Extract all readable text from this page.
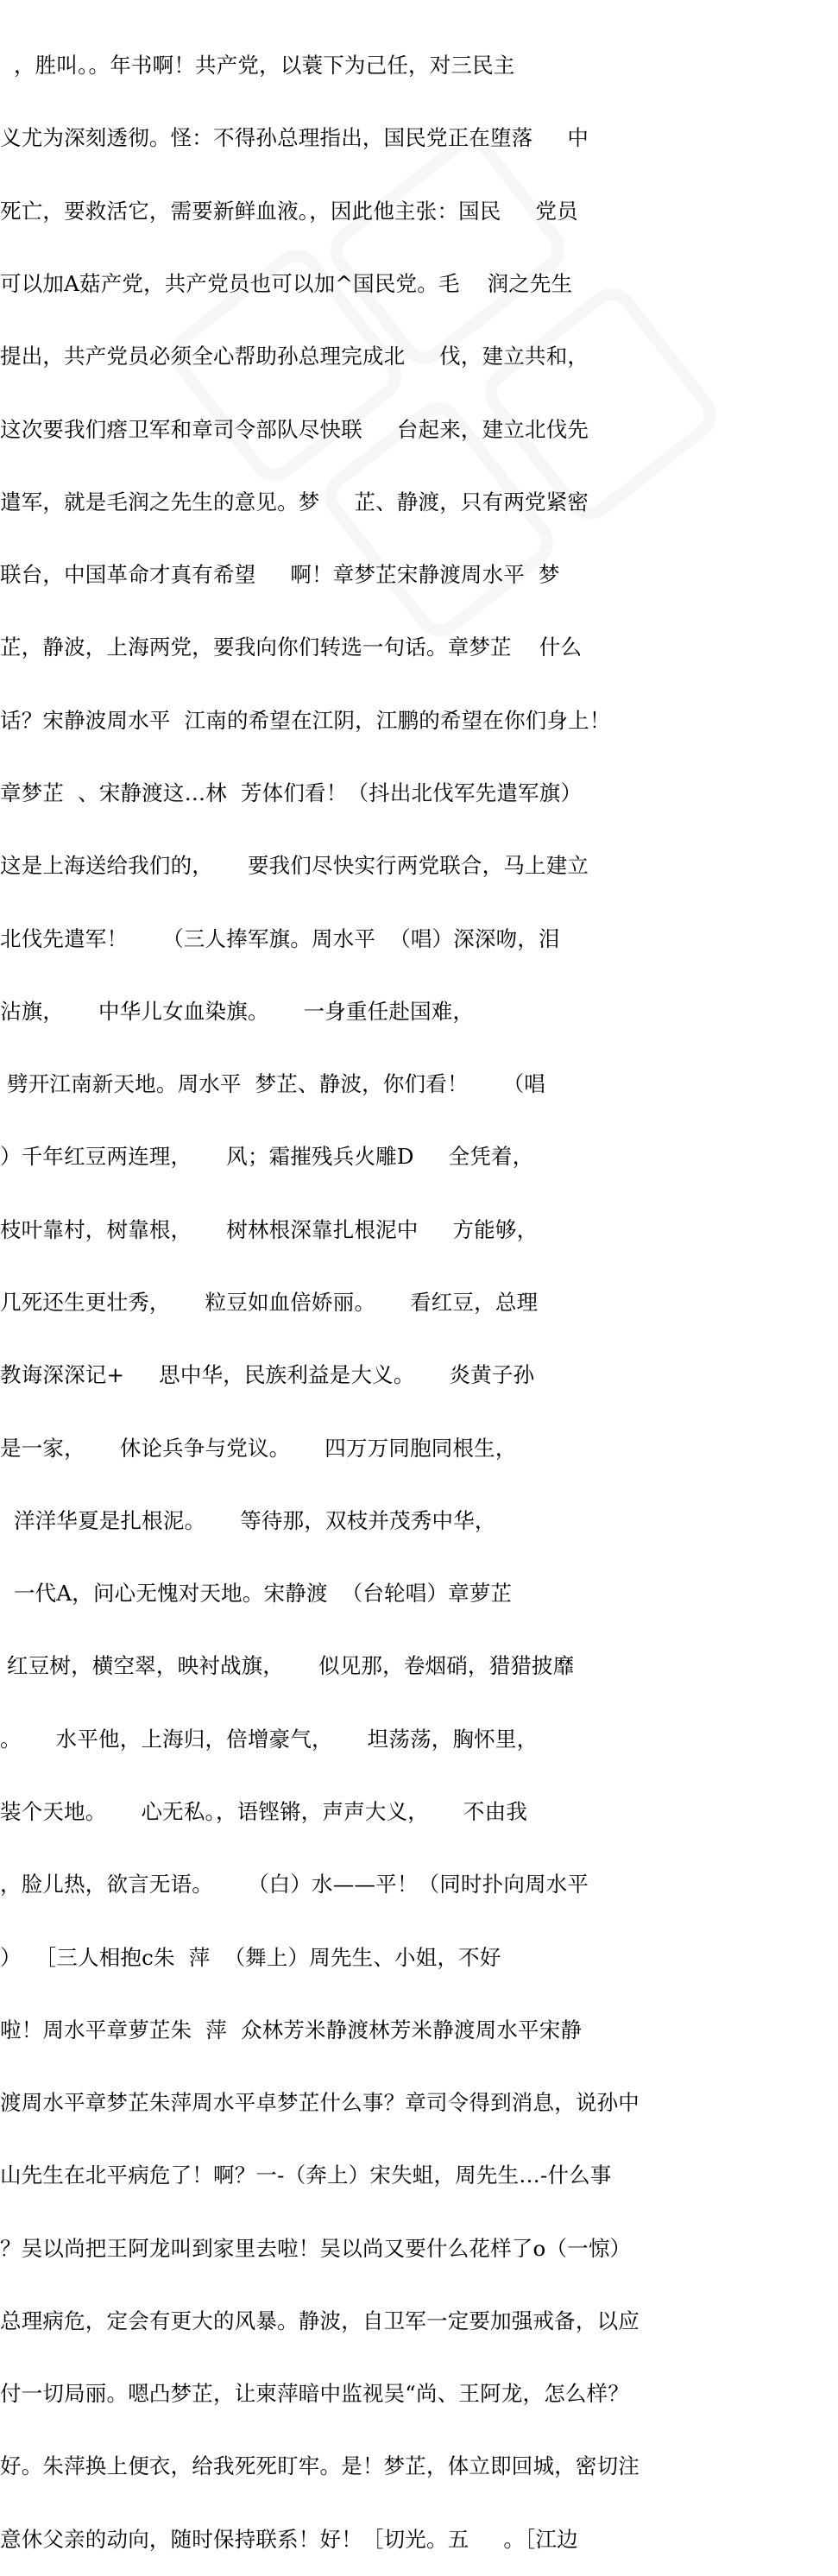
，胜叫。。年书啊！共产党，以蓑下为己任，对三民主

义尤为深刻透彻。怪：不得孙总理指出，国民党正在堕落     中

死亡，要救活它，需要新鲜血液。，因此他主张：国民     党员

可以加A菇产党，共产党员也可以加^国民党。毛    润之先生

提出，共产党员必须全心帮助孙总理完成北     伐，建立共和，

这次要我们瘩卫军和章司令部队尽快联     台起来，建立北伐先

遣军，就是毛润之先生的意见。梦     芷、静渡，只有两党紧密

联台，中国革命才真有希望     啊！章梦芷宋静渡周水平  梦

芷，静波，上海两党，要我向你们转选一句话。章梦芷    什么

话？宋静波周水平  江南的希望在江阴，江鹏的希望在你们身上！

章梦芷  、宋静渡这…林  芳体们看！（抖出北伐军先遣军旗）

这是上海送给我们的，     要我们尽快实行两党联合，马上建立

北伐先遣军！     （三人捧军旗。周水平  （唱）深深吻，泪

沾旗，     中华儿女血染旗。     一身重任赴国难，

劈开江南新天地。周水平  梦芷、静波，你们看！     （唱

）千年红豆两连理，     风；霜摧残兵火雕D     全凭着，

枝叶靠村，树靠根，     树林根深靠扎根泥中     方能够，

几死还生更壮秀，     粒豆如血倍娇丽。     看红豆，总理

教诲深深记+     思中华，民族利益是大义。     炎黄子孙

是一家，     休论兵争与党议。     四万万同胞同根生，

洋洋华夏是扎根泥。     等待那，双枝并茂秀中华，

一代A，问心无愧对天地。宋静渡  （台轮唱）章萝芷

红豆树，横空翠，映衬战旗，     似见那，卷烟硝，猎猎披靡

。     水平他，上海归，倍增豪气，     坦荡荡，胸怀里，

装个天地。     心无私。，语铿锵，声声大义，     不由我

，脸儿热，欲言无语。     （白）水——平！（同时扑向周水平

）  ［三人相抱c朱  萍  （舞上）周先生、小姐，不好

啦！周水平章萝芷朱  萍  众林芳米静渡林芳米静渡周水平宋静

渡周水平章梦芷朱萍周水平卓梦芷什么事？章司令得到消息，说孙中

山先生在北平病危了！啊？一-（奔上）宋失蛆，周先生…-什么事

？吴以尚把王阿龙叫到家里去啦！吴以尚又要什么花样了o（一惊）

总理病危，定会有更大的风暴。静波，自卫军一定要加强戒备，以应

付一切局丽。嗯凸梦芷，让柬萍暗中监视吴“尚、王阿龙，怎么样？

好。朱萍换上便衣，给我死死盯牢。是！梦芷，体立即回城，密切注

意休父亲的动向，随时保持联系！好！［切光。五     。［江边
